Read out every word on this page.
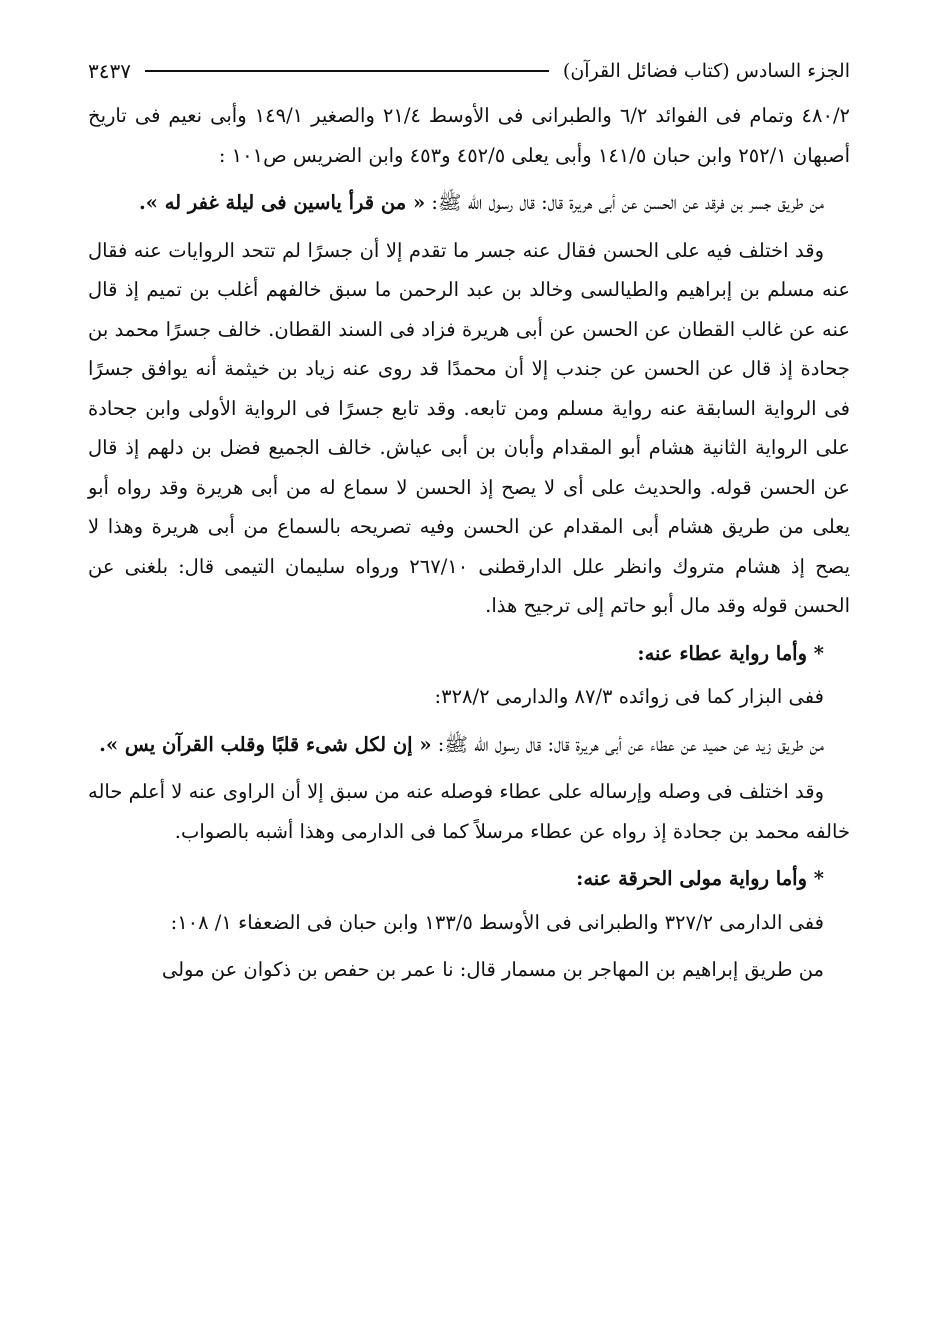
الجزء السادس (كتاب فضائل القرآن)
٣٤٣٧

٤٨٠/٢ وتمام فى الفوائد ٦/٢ والطبرانى فى الأوسط ٢١/٤ والصغير ١٤٩/١ وأبى نعيم فى تاريخ أصبهان ٢٥٢/١ وابن حبان ١٤١/٥ وأبى يعلى ٤٥٢/٥ و٤٥٣ وابن الضريس ص١٠١ :

من طريق جسر بن فرقد عن الحسن عن أبى هريرة قال: قال رسول الله ﷺ: « من قرأ ياسين فى ليلة غفر له ».

وقد اختلف فيه على الحسن فقال عنه جسر ما تقدم إلا أن جسرًا لم تتحد الروايات عنه فقال عنه مسلم بن إبراهيم والطيالسى وخالد بن عبد الرحمن ما سبق خالفهم أغلب بن تميم إذ قال عنه عن غالب القطان عن الحسن عن أبى هريرة فزاد فى السند القطان. خالف جسرًا محمد بن جحادة إذ قال عن الحسن عن جندب إلا أن محمدًا قد روى عنه زياد بن خيثمة أنه يوافق جسرًا فى الرواية السابقة عنه رواية مسلم ومن تابعه. وقد تابع جسرًا فى الرواية الأولى وابن جحادة على الرواية الثانية هشام أبو المقدام وأبان بن أبى عياش. خالف الجميع فضل بن دلهم إذ قال عن الحسن قوله. والحديث على أى لا يصح إذ الحسن لا سماع له من أبى هريرة وقد رواه أبو يعلى من طريق هشام أبى المقدام عن الحسن وفيه تصريحه بالسماع من أبى هريرة وهذا لا يصح إذ هشام متروك وانظر علل الدارقطنى ٢٦٧/١٠ ورواه سليمان التيمى قال: بلغنى عن الحسن قوله وقد مال أبو حاتم إلى ترجيح هذا.

* وأما رواية عطاء عنه:

ففى البزار كما فى زوائده ٨٧/٣ والدارمى ٣٢٨/٢:

من طريق زيد عن حميد عن عطاء عن أبى هريرة قال: قال رسول الله ﷺ: « إن لكل شىء قلبًا وقلب القرآن يس ».

وقد اختلف فى وصله وإرساله على عطاء فوصله عنه من سبق إلا أن الراوى عنه لا أعلم حاله خالفه محمد بن جحادة إذ رواه عن عطاء مرسلاً كما فى الدارمى وهذا أشبه بالصواب.

* وأما رواية مولى الحرقة عنه:

ففى الدارمى ٣٢٧/٢ والطبرانى فى الأوسط ١٣٣/٥ وابن حبان فى الضعفاء ١/ ١٠٨:

من طريق إبراهيم بن المهاجر بن مسمار قال: نا عمر بن حفص بن ذكوان عن مولى
